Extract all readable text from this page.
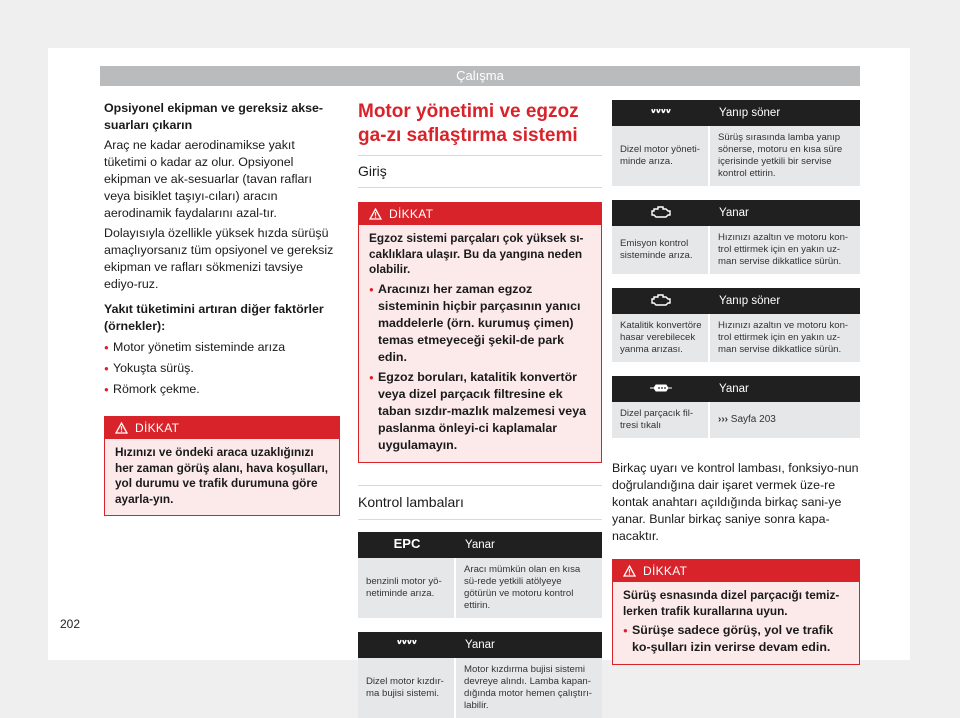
Çalışma

Opsiyonel ekipman ve gereksiz akse-suarları çıkarın

Araç ne kadar aerodinamikse yakıt tüketimi o kadar az olur. Opsiyonel ekipman ve ak-sesuarlar (tavan rafları veya bisiklet taşıyı-cıları) aracın aerodinamik faydalarını azal-tır.

Dolayısıyla özellikle yüksek hızda sürüşü amaçlıyorsanız tüm opsiyonel ve gereksiz ekipman ve rafları sökmenizi tavsiye ediyo-ruz.

Yakıt tüketimini artıran diğer faktörler (örnekler):

● Motor yönetim sisteminde arıza
● Yokuşta sürüş.
● Römork çekme.
DİKKAT

Hızınızı ve öndeki araca uzaklığınızı her zaman görüş alanı, hava koşulları, yol durumu ve trafik durumuna göre ayarla-yın.

Motor yönetimi ve egzoz ga-zı saflaştırma sistemi

Giriş

DİKKAT

Egzoz sistemi parçaları çok yüksek sı-caklıklara ulaşır. Bu da yangına neden olabilir.

● Aracınızı her zaman egzoz sisteminin hiçbir parçasının yanıcı maddelerle (örn. kurumuş çimen) temas etmeyeceği şekil-de park edin.
● Egzoz boruları, katalitik konvertör veya dizel parçacık filtresine ek taban sızdır-mazlık malzemesi veya paslanma önleyi-ci kaplamalar uygulamayın.

Kontrol lambaları

EPC	Yanar
benzinli motor yö-netiminde arıza.	Aracı mümkün olan en kısa sü-rede yetkili atölyeye götürün ve motoru kontrol ettirin.
	Yanar
Dizel motor kızdır-ma bujisi sistemi.	Motor kızdırma bujisi sistemi devreye alındı. Lamba kapan-dığında motor hemen çalıştırı-labilir.
	Yanıp söner
Dizel motor yöneti-minde arıza.	Sürüş sırasında lamba yanıp sönerse, motoru en kısa süre içerisinde yetkili bir servise kontrol ettirin.
	Yanar
Emisyon kontrol sisteminde arıza.	Hızınızı azaltın ve motoru kon-trol ettirmek için en yakın uz-man servise dikkatlice sürün.
	Yanıp söner
Katalitik konvertöre hasar verebilecek yanma arızası.	Hızınızı azaltın ve motoru kon-trol ettirmek için en yakın uz-man servise dikkatlice sürün.
	Yanar
Dizel parçacık fil-tresi tıkalı	››› Sayfa 203

Birkaç uyarı ve kontrol lambası, fonksiyo-nun doğrulandığına dair işaret vermek üze-re kontak anahtarı açıldığında birkaç sani-ye yanar. Bunlar birkaç saniye sonra kapa-nacaktır.

DİKKAT

Sürüş esnasında dizel parçacığı temiz-lerken trafik kurallarına uyun.

● Sürüşe sadece görüş, yol ve trafik ko-şulları izin verirse devam edin.
202
